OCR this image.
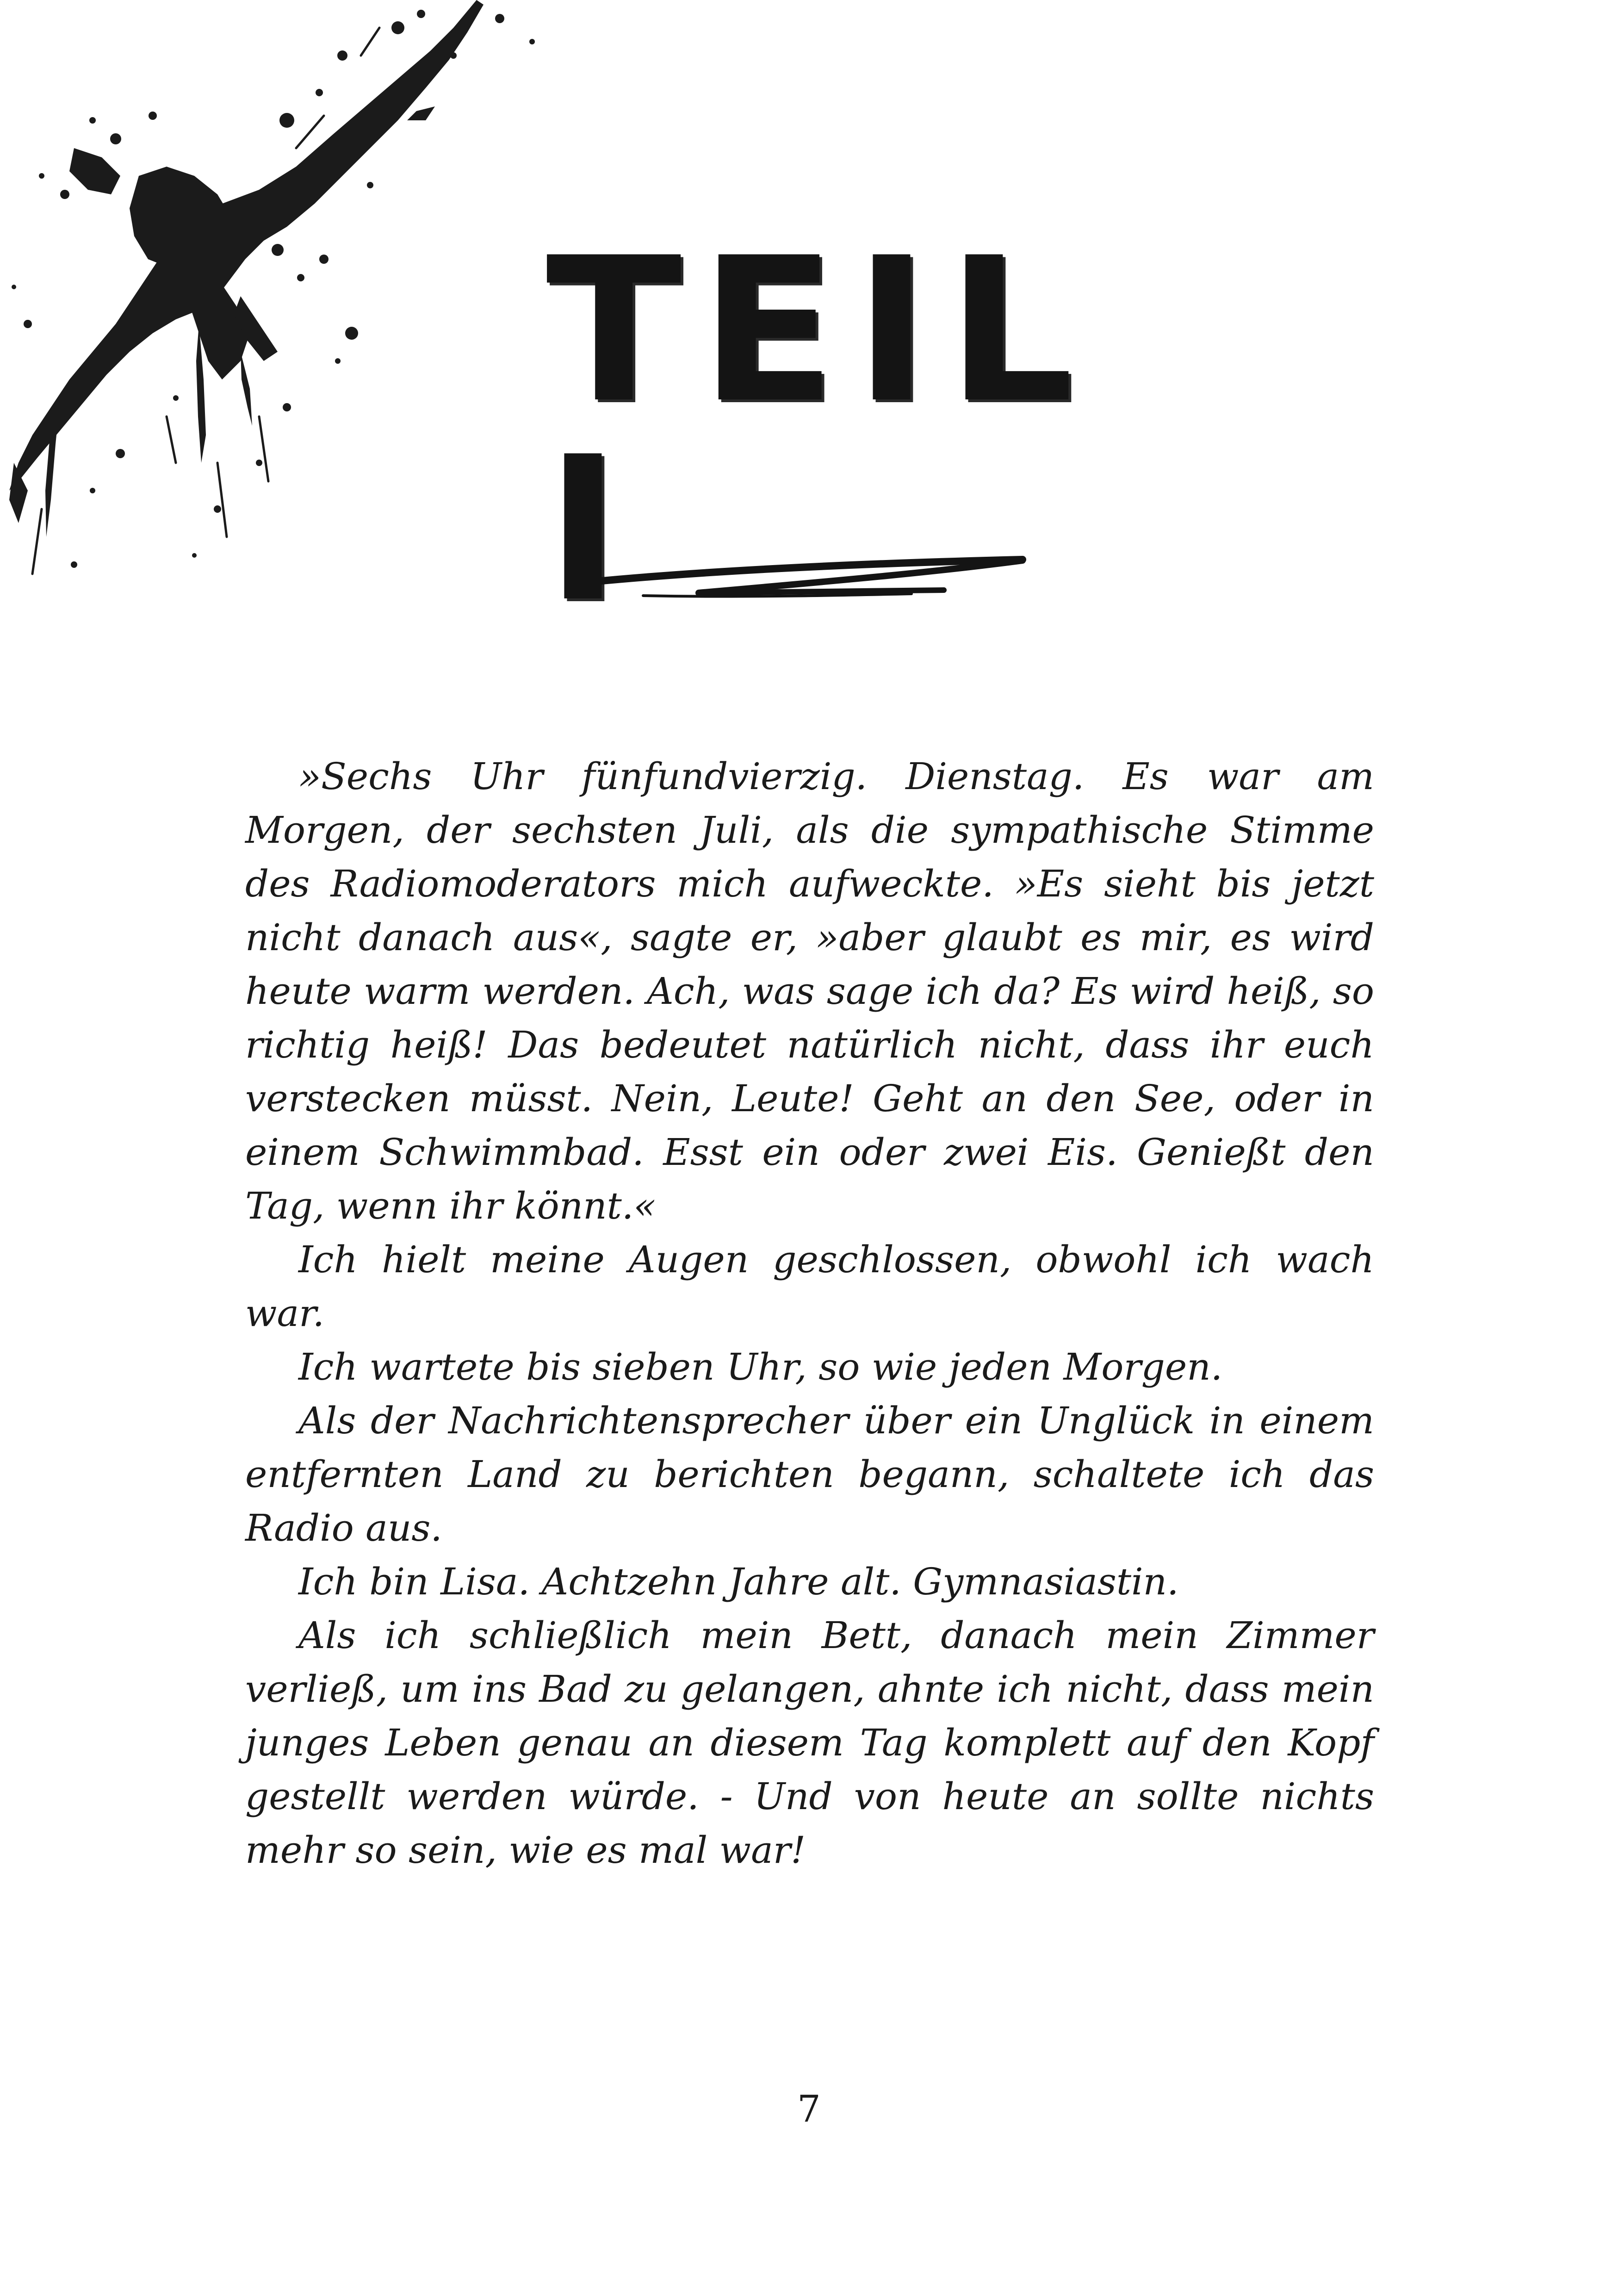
TEIL I

»Sechs Uhr fünfundvierzig. Dienstag. Es war am Morgen, der sechsten Juli, als die sympathische Stimme des Radiomoderators mich aufweckte. »Es sieht bis jetzt nicht danach aus«, sagte er, »aber glaubt es mir, es wird heute warm werden. Ach, was sage ich da? Es wird heiß, so richtig heiß! Das bedeutet natürlich nicht, dass ihr euch verstecken müsst. Nein, Leute! Geht an den See, oder in einem Schwimmbad. Esst ein oder zwei Eis. Genießt den Tag, wenn ihr könnt.«

Ich hielt meine Augen geschlossen, obwohl ich wach war.

Ich wartete bis sieben Uhr, so wie jeden Morgen.

Als der Nachrichtensprecher über ein Unglück in einem entfernten Land zu berichten begann, schaltete ich das Radio aus.

Ich bin Lisa. Achtzehn Jahre alt. Gymnasiastin.

Als ich schließlich mein Bett, danach mein Zimmer verließ, um ins Bad zu gelangen, ahnte ich nicht, dass mein junges Leben genau an diesem Tag komplett auf den Kopf gestellt werden würde. - Und von heute an sollte nichts mehr so sein, wie es mal war!

7
